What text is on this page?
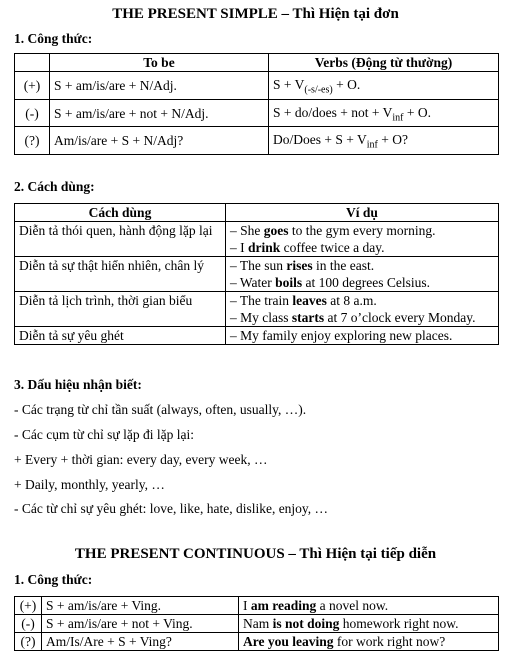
THE PRESENT SIMPLE – Thì Hiện tại đơn
1. Công thức:
	To be	Verbs (Động từ thường)
(+)	S + am/is/are + N/Adj.	$S + V_{(-s/-es)} + O$.
(-)	S + am/is/are + not + N/Adj.	S + do/does + not + $V_{inf} + O$.
(?)	Am/is/are + S + N/Adj?	Do/Does + $S + V_{inf} + O$?
2. Cách dùng:
Cách dùng	Ví dụ
Diễn tả thói quen, hành động lặp lại	– She goes to the gym every morning.
– I drink coffee twice a day.

Diễn tả sự thật hiển nhiên, chân lý	– The sun rises in the east.
– Water boils at 100 degrees Celsius.

Diễn tả lịch trình, thời gian biểu	– The train leaves at 8 a.m.
– My class starts at 7 o’clock every Monday.

Diễn tả sự yêu ghét	– My family enjoy exploring new places.
3. Dấu hiệu nhận biết:
- Các trạng từ chỉ tần suất (always, often, usually, …).
- Các cụm từ chỉ sự lặp đi lặp lại:
+ Every + thời gian: every day, every week, …
+ Daily, monthly, yearly, …
- Các từ chỉ sự yêu ghét: love, like, hate, dislike, enjoy, …
THE PRESENT CONTINUOUS – Thì Hiện tại tiếp diễn
1. Công thức:
(+)	S + am/is/are + Ving.	I am reading a novel now.
(-)	S + am/is/are + not + Ving.	Nam is not doing homework right now.
(?)	Am/Is/Are + S + Ving?	Are you leaving for work right now?
